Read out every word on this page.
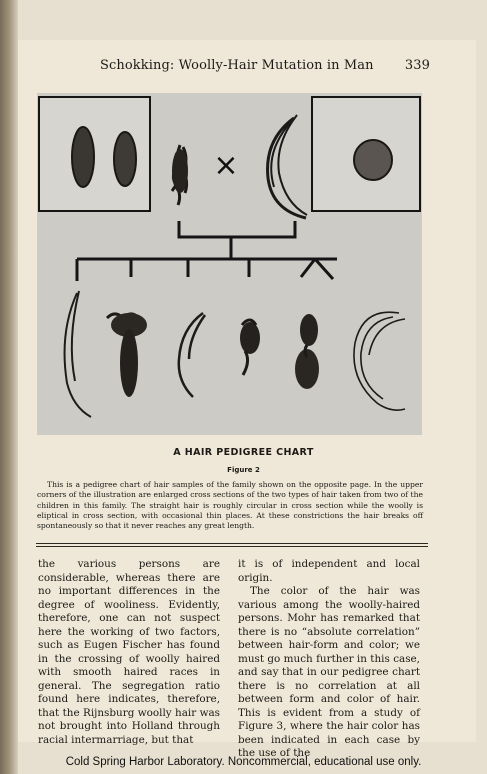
Schokking: Woolly-Hair Mutation in Man 339
×
A HAIR PEDIGREE CHART
Figure 2
This is a pedigree chart of hair samples of the family shown on the opposite page. In the upper corners of the illustration are enlarged cross sections of the two types of hair taken from two of the children in this family. The straight hair is roughly circular in cross section while the woolly is eliptical in cross section, with occasional thin places. At these constrictions the hair breaks off spontaneously so that it never reaches any great length.

the various persons are considerable, whereas there are no important differences in the degree of wooliness. Evidently, therefore, one can not suspect here the working of two factors, such as Eugen Fischer has found in the crossing of woolly haired with smooth haired races in general. The segregation ratio found here indicates, therefore, that the Rijnsburg woolly hair was not brought into Holland through racial intermarriage, but that

it is of independent and local origin.

The color of the hair was various among the woolly-haired persons. Mohr has remarked that there is no “absolute correlation” between hair-form and color; we must go much further in this case, and say that in our pedigree chart there is no correlation at all between form and color of hair. This is evident from a study of Figure 3, where the hair color has been indicated in each case by the use of the

Cold Spring Harbor Laboratory. Noncommercial, educational use only.
